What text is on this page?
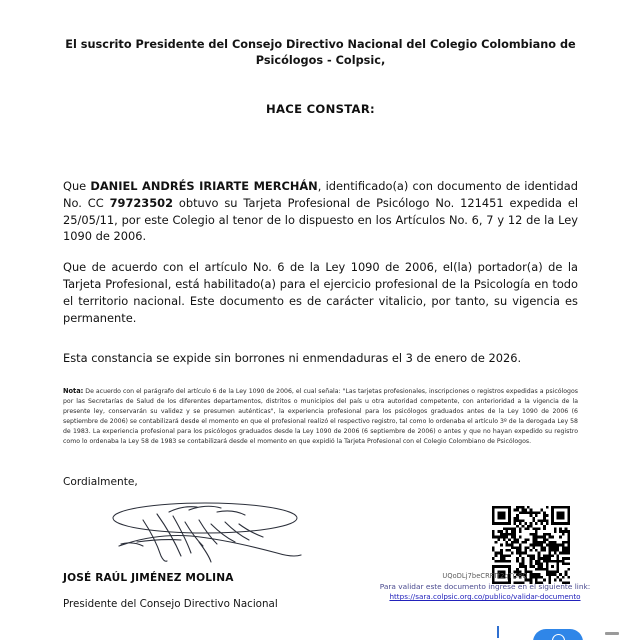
El suscrito Presidente del Consejo Directivo Nacional del Colegio Colombiano de Psicólogos - Colpsic,
HACE CONSTAR:
Que DANIEL ANDRÉS IRIARTE MERCHÁN, identificado(a) con documento de identidad No. CC 79723502 obtuvo su Tarjeta Profesional de Psicólogo No. 121451 expedida el 25/05/11, por este Colegio al tenor de lo dispuesto en los Artículos No. 6, 7 y 12 de la Ley 1090 de 2006.
Que de acuerdo con el artículo No. 6 de la Ley 1090 de 2006, el(la) portador(a) de la Tarjeta Profesional, está habilitado(a) para el ejercicio profesional de la Psicología en todo el territorio nacional. Este documento es de carácter vitalicio, por tanto, su vigencia es permanente.
Esta constancia se expide sin borrones ni enmendaduras el 3 de enero de 2026.
Nota: De acuerdo con el parágrafo del artículo 6 de la Ley 1090 de 2006, el cual señala: "Las tarjetas profesionales, inscripciones o registros expedidas a psicólogos por las Secretarías de Salud de los diferentes departamentos, distritos o municipios del país u otra autoridad competente, con anterioridad a la vigencia de la presente ley, conservarán su validez y se presumen auténticas", la experiencia profesional para los psicólogos graduados antes de la Ley 1090 de 2006 (6 septiembre de 2006) se contabilizará desde el momento en que el profesional realizó el respectivo registro, tal como lo ordenaba el artículo 3º de la derogada Ley 58 de 1983. La experiencia profesional para los psicólogos graduados desde la Ley 1090 de 2006 (6 septiembre de 2006) o antes y que no hayan expedido su registro como lo ordenaba la Ley 58 de 1983 se contabilizará desde el momento en que expidió la Tarjeta Profesional con el Colegio Colombiano de Psicólogos.
Cordialmente,
JOSÉ RAÚL JIMÉNEZ MOLINA
Presidente del Consejo Directivo Nacional
UQoDLj7beCRFTf2qTG8Q
Para validar este documento ingrese en el siguiente link:
https://sara.colpsic.org.co/publico/validar-documento
